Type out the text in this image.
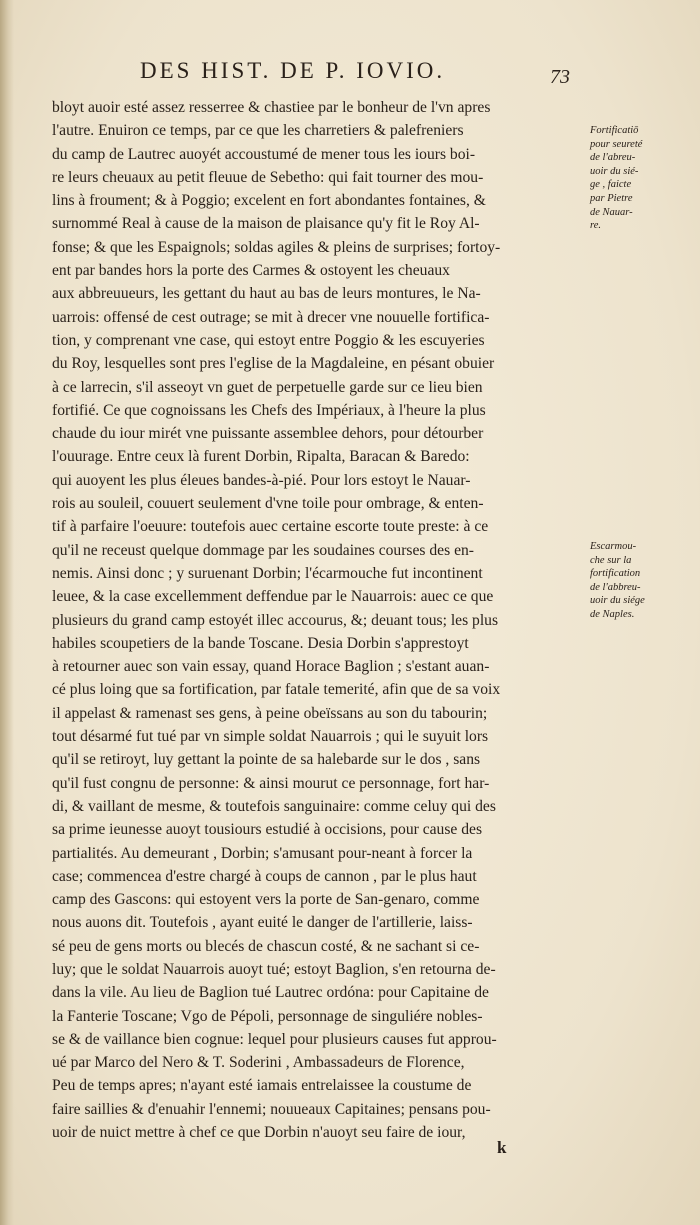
DES HIST. DE P. IOVIO.	73
bloyt auoir esté assez resserree & chastiee par le bonheur de l'vn apres
l'autre. Enuiron ce temps, par ce que les charretiers & palefreniers
du camp de Lautrec auoyét accoustumé de mener tous les iours boi-
re leurs cheuaux au petit fleuue de Sebetho: qui fait tourner des mou-
lins à froument; & à Poggio; excelent en fort abondantes fontaines, &
surnommé Real à cause de la maison de plaisance qu'y fit le Roy Al-
fonse; & que les Espaignols; soldas agiles & pleins de surprises; fortoy-
ent par bandes hors la porte des Carmes & ostoyent les cheuaux
aux abbreuueurs, les gettant du haut au bas de leurs montures, le Na-
uarrois: offensé de cest outrage; se mit à drecer vne nouuelle fortifica-
tion, y comprenant vne case, qui estoyt entre Poggio & les escuyeries
du Roy, lesquelles sont pres l'eglise de la Magdaleine, en pésant obuier
à ce larrecin, s'il asseoyt vn guet de perpetuelle garde sur ce lieu bien
fortifié. Ce que cognoissans les Chefs des Impériaux, à l'heure la plus
chaude du iour mirét vne puissante assemblee dehors, pour détourber
l'ouurage. Entre ceux là furent Dorbin, Ripalta, Baracan & Baredo:
qui auoyent les plus éleues bandes-à-pié. Pour lors estoyt le Nauar-
rois au souleil, couuert seulement d'vne toile pour ombrage, & enten-
tif à parfaire l'oeuure: toutefois auec certaine escorte toute preste: à ce
qu'il ne receust quelque dommage par les soudaines courses des en-
nemis. Ainsi donc ; y suruenant Dorbin; l'écarmouche fut incontinent
leuee, & la case excellemment deffendue par le Nauarrois: auec ce que
plusieurs du grand camp estoyét illec accourus, &; deuant tous; les plus
habiles scoupetiers de la bande Toscane. Desia Dorbin s'apprestoyt
à retourner auec son vain essay, quand Horace Baglion ; s'estant auan-
cé plus loing que sa fortification, par fatale temerité, afin que de sa voix
il appelast & ramenast ses gens, à peine obeïssans au son du tabourin;
tout désarmé fut tué par vn simple soldat Nauarrois ; qui le suyuit lors
qu'il se retiroyt, luy gettant la pointe de sa halebarde sur le dos , sans
qu'il fust congnu de personne: & ainsi mourut ce personnage, fort har-
di, & vaillant de mesme, & toutefois sanguinaire: comme celuy qui des
sa prime ieunesse auoyt tousiours estudié à occisions, pour cause des
partialités. Au demeurant , Dorbin; s'amusant pour-neant à forcer la
case; commencea d'estre chargé à coups de cannon , par le plus haut
camp des Gascons: qui estoyent vers la porte de San-genaro, comme
nous auons dit. Toutefois , ayant euité le danger de l'artillerie, laiss-
sé peu de gens morts ou blecés de chascun costé, & ne sachant si ce-
luy; que le soldat Nauarrois auoyt tué; estoyt Baglion, s'en retourna de-
dans la vile. Au lieu de Baglion tué Lautrec ordóna: pour Capitaine de
la Fanterie Toscane; Vgo de Pépoli, personnage de singuliére nobles-
se & de vaillance bien cognue: lequel pour plusieurs causes fut approu-
ué par Marco del Nero & T. Soderini , Ambassadeurs de Florence,
Peu de temps apres; n'ayant esté iamais entrelaissee la coustume de
faire saillies & d'enuahir l'ennemi; nouueaux Capitaines; pensans pou-
uoir de nuict mettre à chef ce que Dorbin n'auoyt seu faire de iour,
Fortificatiō
pour seureté
de l'abreu-
uoir du sié-
ge , faicte
par Pietre
de Nauar-
re.
Escarmou-
che sur la
fortification
de l'abbreu-
uoir du siége
de Naples.
k
